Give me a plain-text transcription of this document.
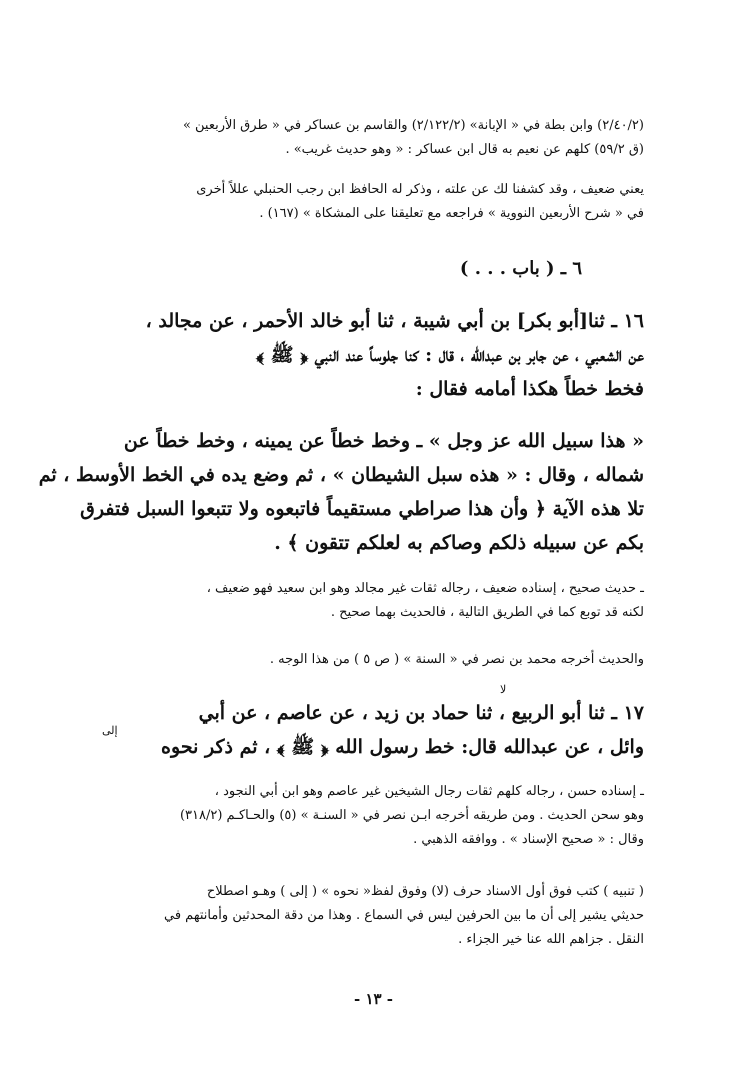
(٢/٤٠/٢) وابن بطة في « الإبانة» (٢/١٢٢/٢) والقاسم بن عساكر في « طرق الأربعين »
(ق ٥٩/٢) كلهم عن نعيم به قال ابن عساكر : « وهو حديث غريب» .
يعني ضعيف ، وقد كشفنا لك عن علته ، وذكر له الحافظ ابن رجب الحنبلي عللاً أخرى
في « شرح الأربعين النووية » فراجعه مع تعليقنا على المشكاة » (١٦٧) .
٦ ـ ( باب . . . )
١٦ ـ ثنا[أبو بكر] بن أبي شيبة ، ثنا أبو خالد الأحمر ، عن مجالد ،
عن الشعبي ، عن جابر بن عبدالله ، قال : كنا جلوساً عند النبي ﴿ ﷺ ﴾
فخط خطاً هكذا أمامه فقال :
« هذا سبيل الله عز وجل » ـ وخط خطاً عن يمينه ، وخط خطاً عن
شماله ، وقال : « هذه سبل الشيطان » ، ثم وضع يده في الخط الأوسط ، ثم
تلا هذه الآية ﴿ وأن هذا صراطي مستقيماً فاتبعوه ولا تتبعوا السبل فتفرق
بكم عن سبيله ذلكم وصاكم به لعلكم تتقون ﴾ .
ـ حديث صحيح ، إسناده ضعيف ، رجاله ثقات غير مجالد وهو ابن سعيد فهو ضعيف ،
لكنه قد توبع كما في الطريق التالية ، فالحديث بهما صحيح .
والحديث أخرجه محمد بن نصر في « السنة » ( ص ٥ ) من هذا الوجه .
١٧ ـ ثنا أبو الربيع ، ثنا حماد بن زيد ، عن عاصم ، عن أبي
وائل ، عن عبدالله قال: خط رسول الله ﴿ ﷺ ﴾ ، ثم ذكر نحوه
لا
إلى
ـ إسناده حسن ، رجاله كلهم ثقات رجال الشيخين غير عاصم وهو ابن أبي النجود ،
وهو سحن الحديث . ومن طريقه أخرجه ابـن نصر في « السنـة » (٥) والحـاكـم (٣١٨/٢)
وقال : « صحيح الإسناد » . ووافقه الذهبي .
( تنبيه ) كتب فوق أول الاسناد حرف (لا) وفوق لفظ« نحوه » ( إلى ) وهـو اصطلاح
حديثي يشير إلى أن ما بين الحرفين ليس في السماع . وهذا من دقة المحدثين وأمانتهم في
النقل . جزاهم الله عنا خير الجزاء .
- ١٣ -
